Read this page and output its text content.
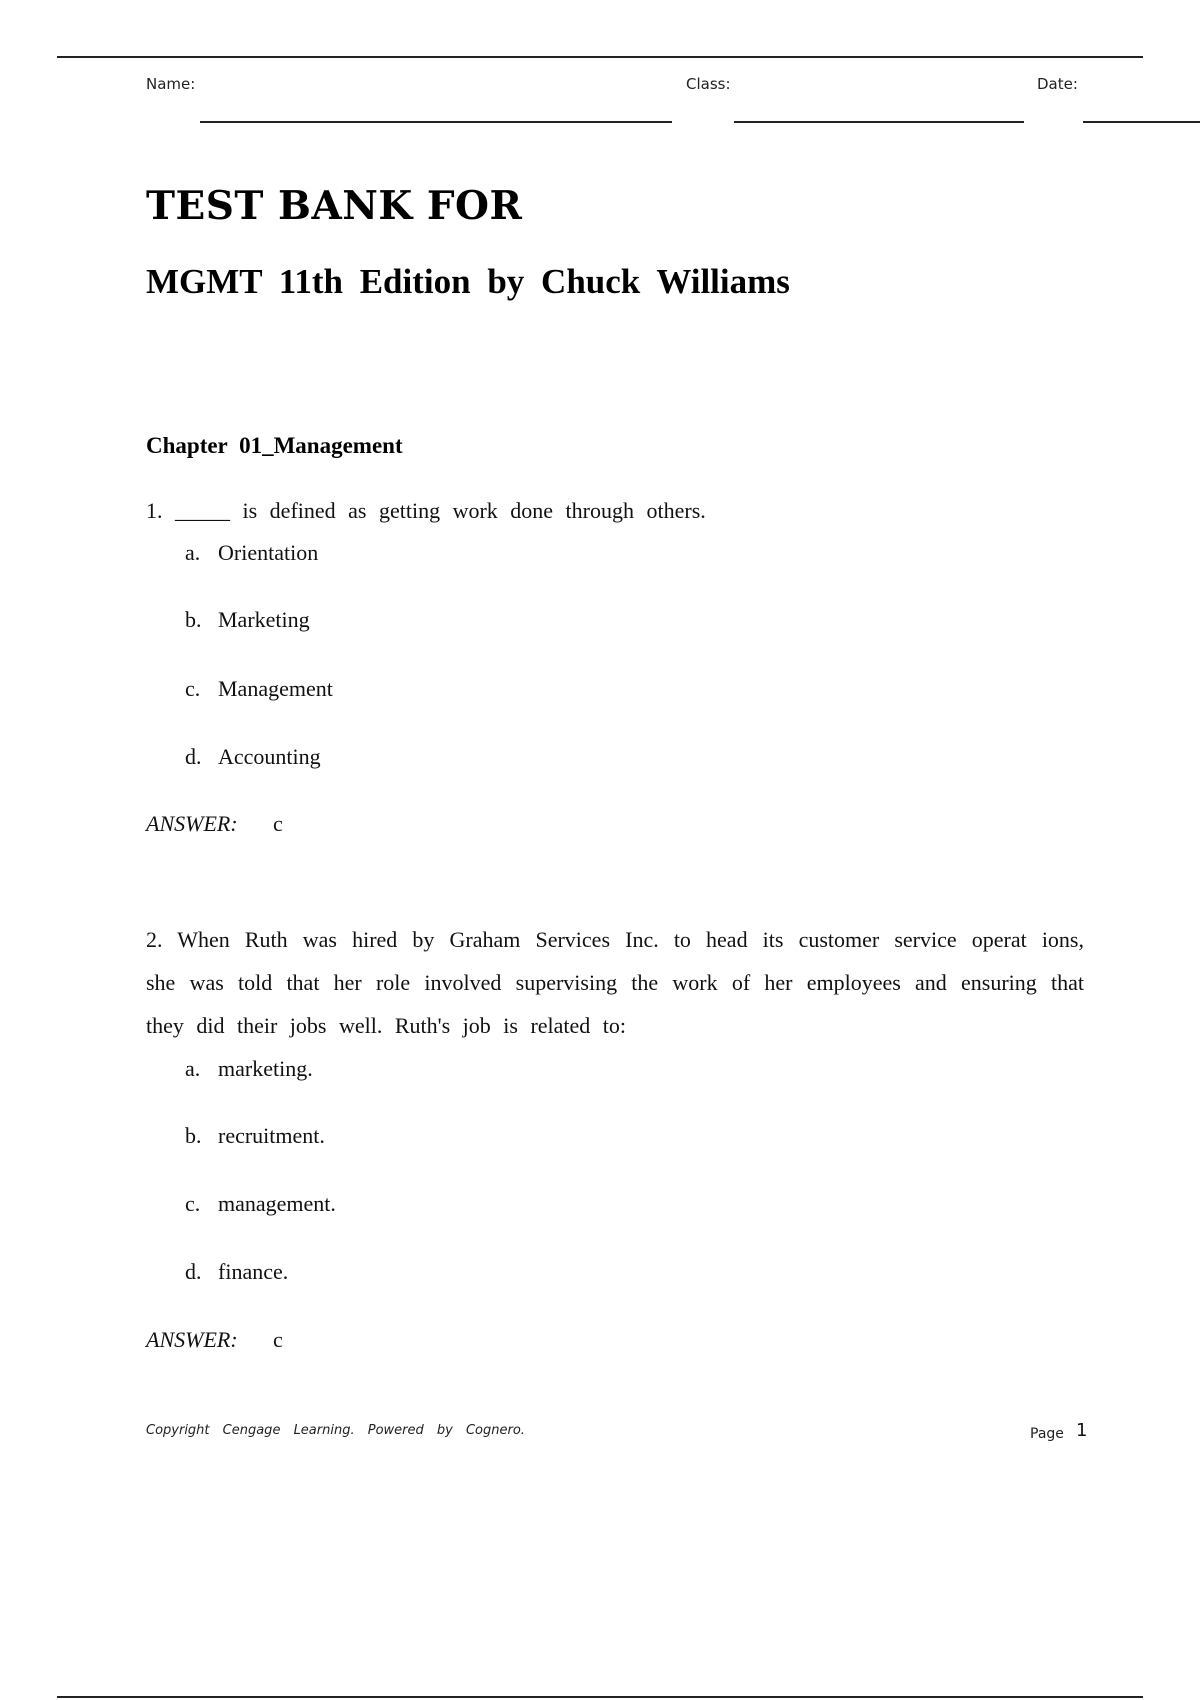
Name:	Class:	Date:
TEST BANK FOR
MGMT 11th Edition by Chuck Williams
Chapter 01_Management
1. _____ is defined as getting work done through others.
a. Orientation
b. Marketing
c. Management
d. Accounting
ANSWER: c
2. When Ruth was hired by Graham Services Inc. to head its customer service operat ions, she was told that her role involved supervising the work of her employees and ensuring that they did their jobs well. Ruth's job is related to:
a. marketing.
b. recruitment.
c. management.
d. finance.
ANSWER: c
Copyright Cengage Learning. Powered by Cognero.	Page 1
